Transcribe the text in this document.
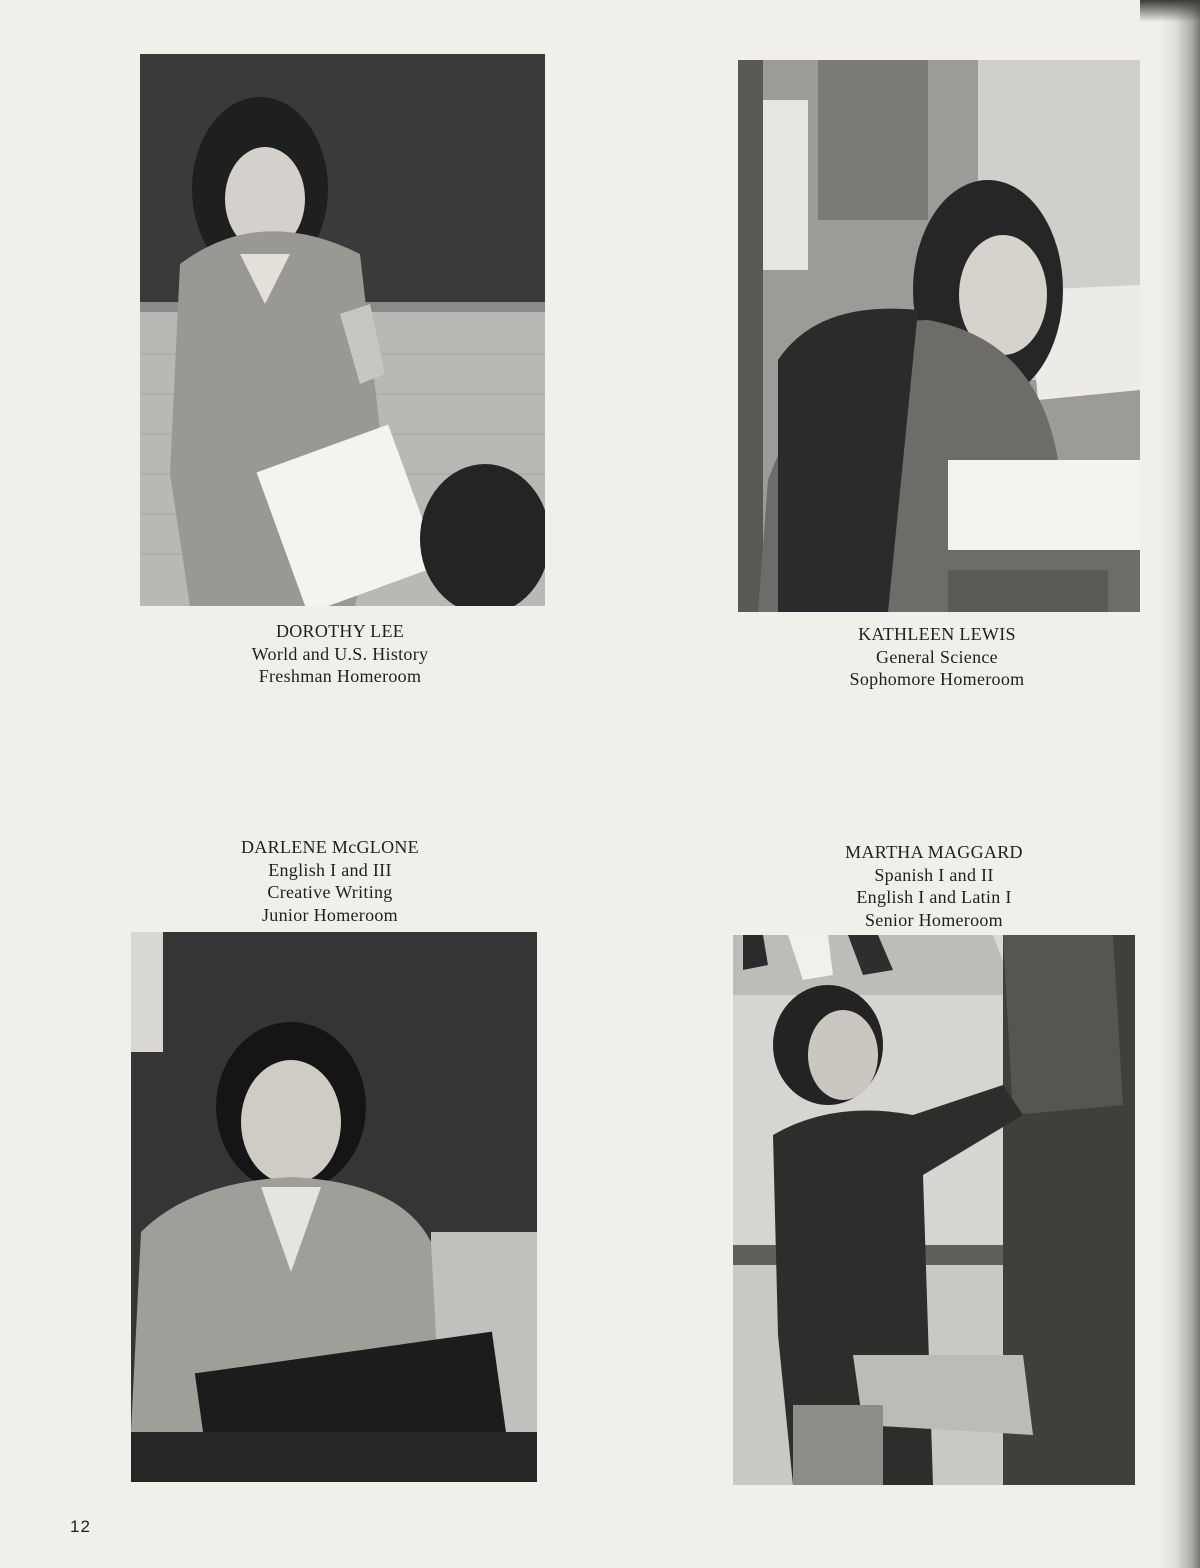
DOROTHY LEE
World and U.S. History
Freshman Homeroom
KATHLEEN LEWIS
General Science
Sophomore Homeroom
DARLENE McGLONE
English I and III
Creative Writing
Junior Homeroom
MARTHA MAGGARD
Spanish I and II
English I and Latin I
Senior Homeroom
12
